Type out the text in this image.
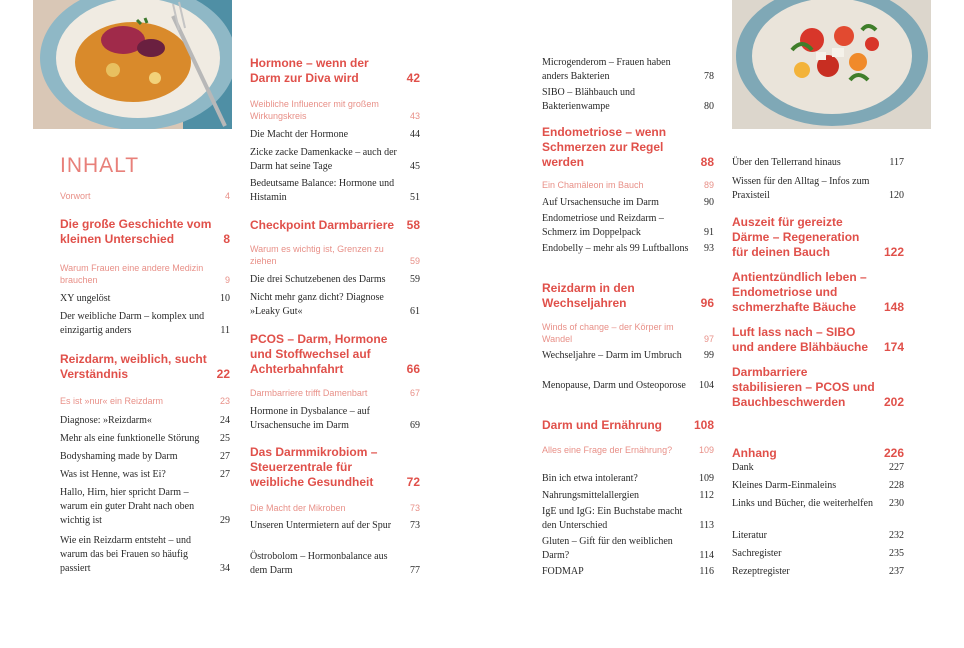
INHALT
Vorwort	4
Die große Geschichte vom kleinen Unterschied	8
Warum Frauen eine andere Medizin brauchen	9
XY ungelöst	10
Der weibliche Darm – komplex und einzigartig anders	11
Reizdarm, weiblich, sucht Verständnis	22
Es ist »nur« ein Reizdarm	23
Diagnose: »Reizdarm«	24
Mehr als eine funktionelle Störung	25
Bodyshaming made by Darm	27
Was ist Henne, was ist Ei?	27
Hallo, Hirn, hier spricht Darm – warum ein guter Draht nach oben wichtig ist	29
Wie ein Reizdarm entsteht – und warum das bei Frauen so häufig passiert	34
Hormone – wenn der Darm zur Diva wird	42
Weibliche Influencer mit großem Wirkungskreis	43
Die Macht der Hormone	44
Zicke zacke Damenkacke – auch der Darm hat seine Tage	45
Bedeutsame Balance: Hormone und Histamin	51
Checkpoint Darmbarriere	58
Warum es wichtig ist, Grenzen zu ziehen	59
Die drei Schutzebenen des Darms	59
Nicht mehr ganz dicht? Diagnose »Leaky Gut«	61
PCOS – Darm, Hormone und Stoffwechsel auf Achterbahnfahrt	66
Darmbarriere trifft Damenbart	67
Hormone in Dysbalance – auf Ursachensuche im Darm	69
Das Darmmikrobiom – Steuerzentrale für weibliche Gesundheit	72
Die Macht der Mikroben	73
Unseren Untermietern auf der Spur	73
Östrobolom – Hormonbalance aus dem Darm	77
Microgenderom – Frauen haben anders Bakterien	78
SIBO – Blähbauch und Bakterienwampe	80
Endometriose – wenn Schmerzen zur Regel werden	88
Ein Chamäleon im Bauch	89
Auf Ursachensuche im Darm	90
Endometriose und Reizdarm – Schmerz im Doppelpack	91
Endobelly – mehr als 99 Luftballons	93
Reizdarm in den Wechseljahren	96
Winds of change – der Körper im Wandel	97
Wechseljahre – Darm im Umbruch	99
Menopause, Darm und Osteoporose	104
Darm und Ernährung	108
Alles eine Frage der Ernährung?	109
Bin ich etwa intolerant?	109
Nahrungsmittelallergien	112
IgE und IgG: Ein Buchstabe macht den Unterschied	113
Gluten – Gift für den weiblichen Darm?	114
FODMAP	116
Über den Tellerrand hinaus	117
Wissen für den Alltag – Infos zum Praxisteil	120
Auszeit für gereizte Därme – Regeneration für deinen Bauch	122
Antientzündlich leben – Endometriose und schmerzhafte Bäuche	148
Luft lass nach – SIBO und andere Blähbäuche	174
Darmbarriere stabilisieren – PCOS und Bauchbeschwerden	202
Anhang	226
Dank	227
Kleines Darm-Einmaleins	228
Links und Bücher, die weiterhelfen	230
Literatur	232
Sachregister	235
Rezeptregister	237
